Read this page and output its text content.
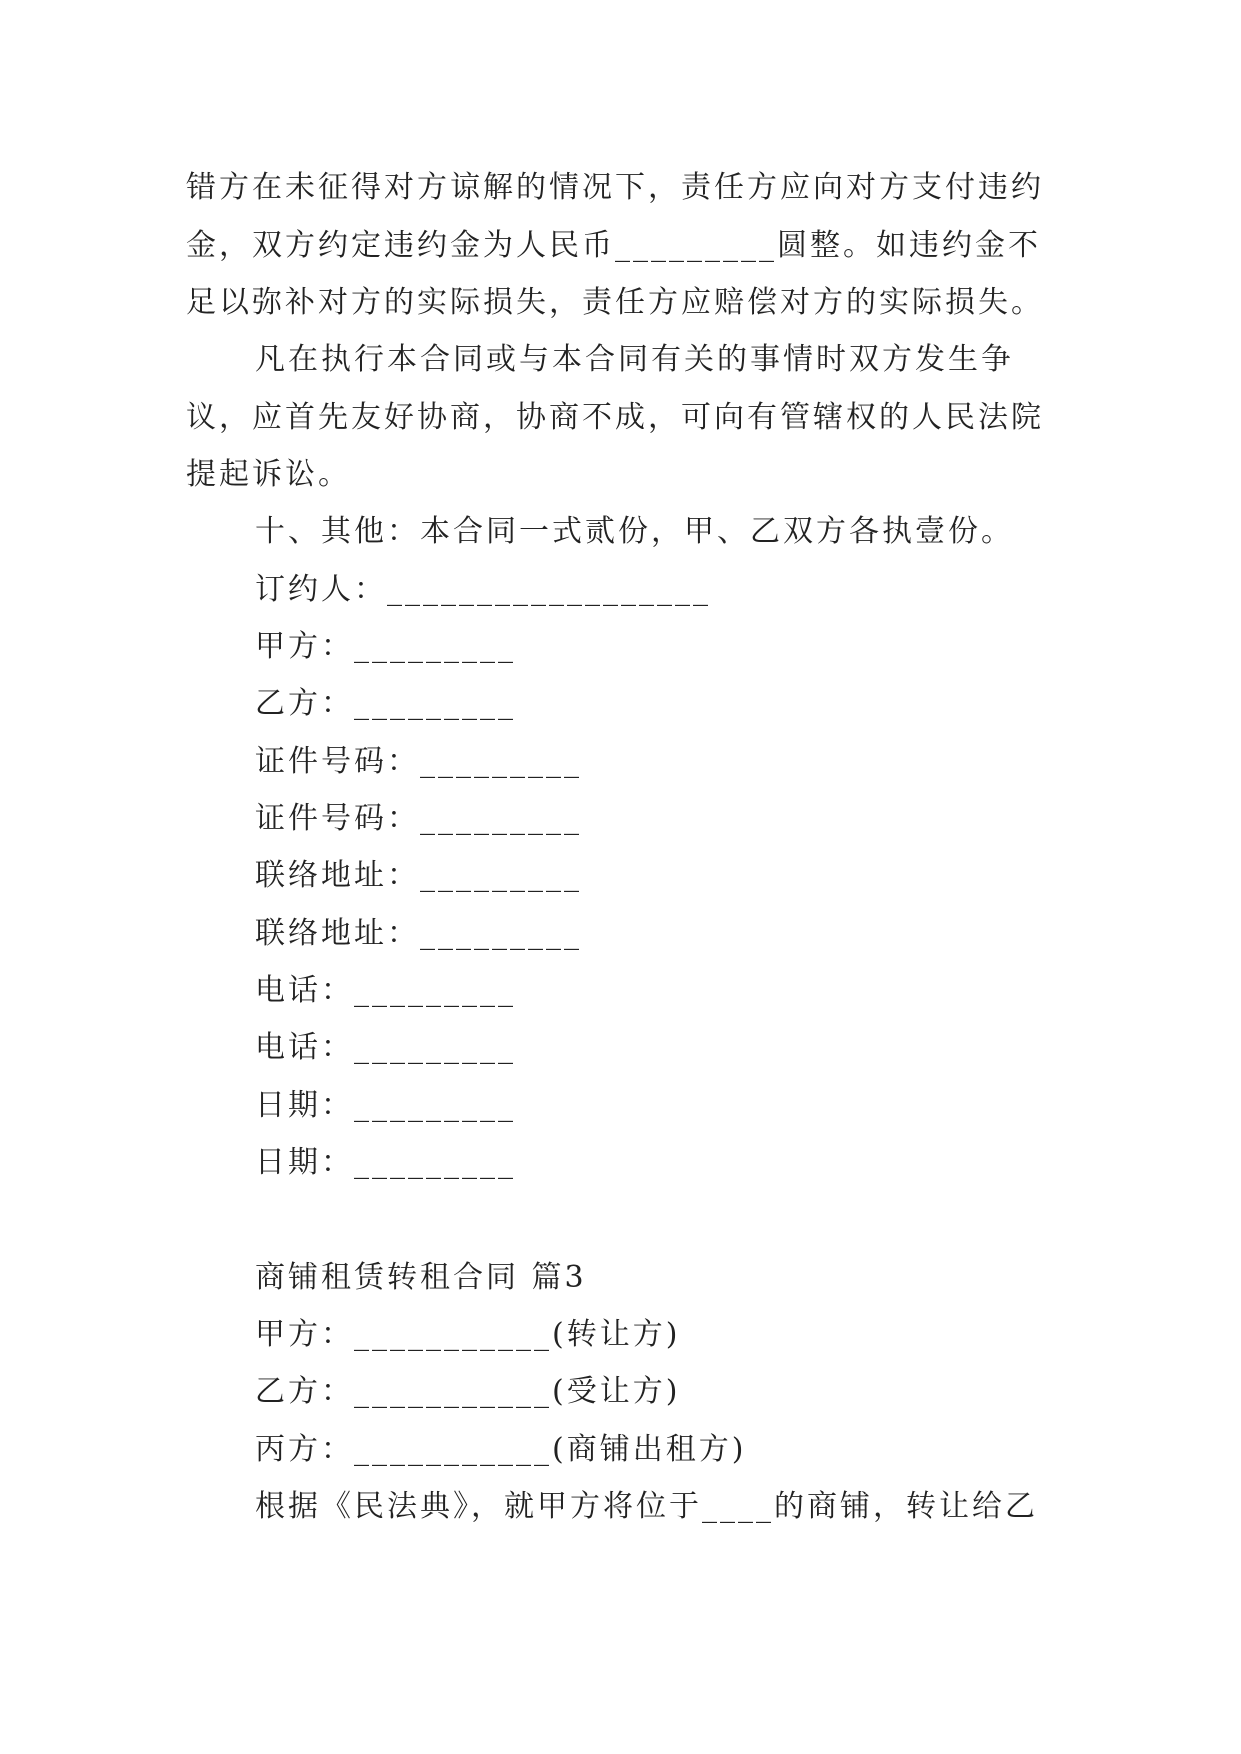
错方在未征得对方谅解的情况下，责任方应向对方支付违约

金，双方约定违约金为人民币_________圆整。如违约金不

足以弥补对方的实际损失，责任方应赔偿对方的实际损失。

凡在执行本合同或与本合同有关的事情时双方发生争

议，应首先友好协商，协商不成，可向有管辖权的人民法院

提起诉讼。

十、其他：本合同一式贰份，甲、乙双方各执壹份。

订约人：__________________

甲方：_________

乙方：_________

证件号码：_________

证件号码：_________

联络地址：_________

联络地址：_________

电话：_________

电话：_________

日期：_________

日期：_________

商铺租赁转租合同 篇3

甲方：___________(转让方)

乙方：___________(受让方)

丙方：___________(商铺出租方)

根据《民法典》，就甲方将位于____的商铺，转让给乙
